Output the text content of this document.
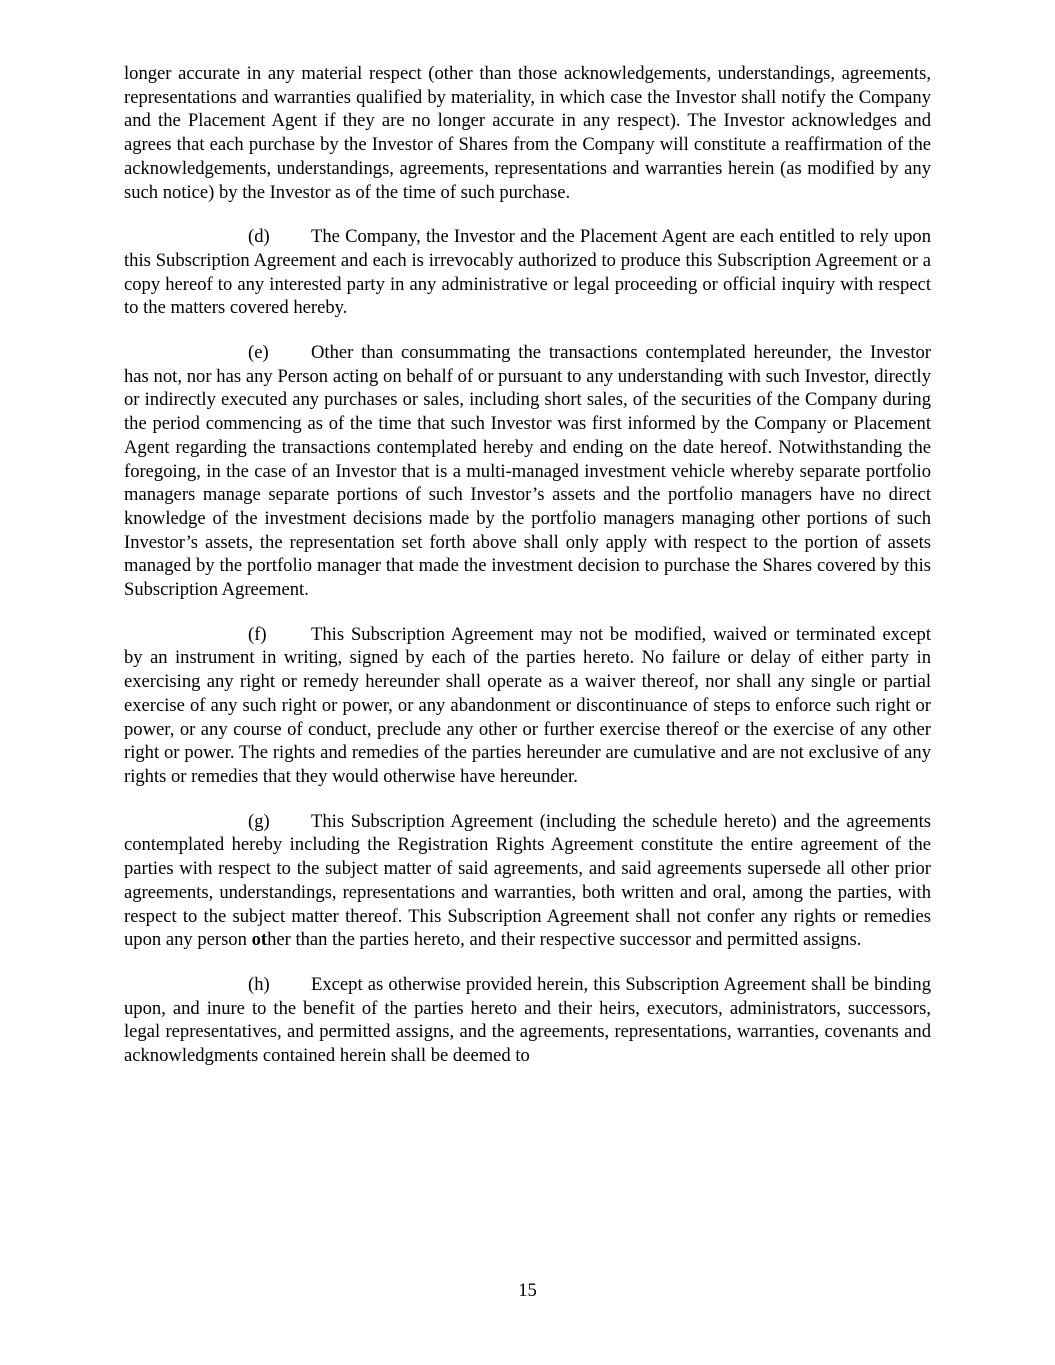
longer accurate in any material respect (other than those acknowledgements, understandings, agreements, representations and warranties qualified by materiality, in which case the Investor shall notify the Company and the Placement Agent if they are no longer accurate in any respect). The Investor acknowledges and agrees that each purchase by the Investor of Shares from the Company will constitute a reaffirmation of the acknowledgements, understandings, agreements, representations and warranties herein (as modified by any such notice) by the Investor as of the time of such purchase.

(d) The Company, the Investor and the Placement Agent are each entitled to rely upon this Subscription Agreement and each is irrevocably authorized to produce this Subscription Agreement or a copy hereof to any interested party in any administrative or legal proceeding or official inquiry with respect to the matters covered hereby.

(e) Other than consummating the transactions contemplated hereunder, the Investor has not, nor has any Person acting on behalf of or pursuant to any understanding with such Investor, directly or indirectly executed any purchases or sales, including short sales, of the securities of the Company during the period commencing as of the time that such Investor was first informed by the Company or Placement Agent regarding the transactions contemplated hereby and ending on the date hereof. Notwithstanding the foregoing, in the case of an Investor that is a multi-managed investment vehicle whereby separate portfolio managers manage separate portions of such Investor’s assets and the portfolio managers have no direct knowledge of the investment decisions made by the portfolio managers managing other portions of such Investor’s assets, the representation set forth above shall only apply with respect to the portion of assets managed by the portfolio manager that made the investment decision to purchase the Shares covered by this Subscription Agreement.

(f) This Subscription Agreement may not be modified, waived or terminated except by an instrument in writing, signed by each of the parties hereto. No failure or delay of either party in exercising any right or remedy hereunder shall operate as a waiver thereof, nor shall any single or partial exercise of any such right or power, or any abandonment or discontinuance of steps to enforce such right or power, or any course of conduct, preclude any other or further exercise thereof or the exercise of any other right or power. The rights and remedies of the parties hereunder are cumulative and are not exclusive of any rights or remedies that they would otherwise have hereunder.

(g) This Subscription Agreement (including the schedule hereto) and the agreements contemplated hereby including the Registration Rights Agreement constitute the entire agreement of the parties with respect to the subject matter of said agreements, and said agreements supersede all other prior agreements, understandings, representations and warranties, both written and oral, among the parties, with respect to the subject matter thereof. This Subscription Agreement shall not confer any rights or remedies upon any person other than the parties hereto, and their respective successor and permitted assigns.

(h) Except as otherwise provided herein, this Subscription Agreement shall be binding upon, and inure to the benefit of the parties hereto and their heirs, executors, administrators, successors, legal representatives, and permitted assigns, and the agreements, representations, warranties, covenants and acknowledgments contained herein shall be deemed to

15
